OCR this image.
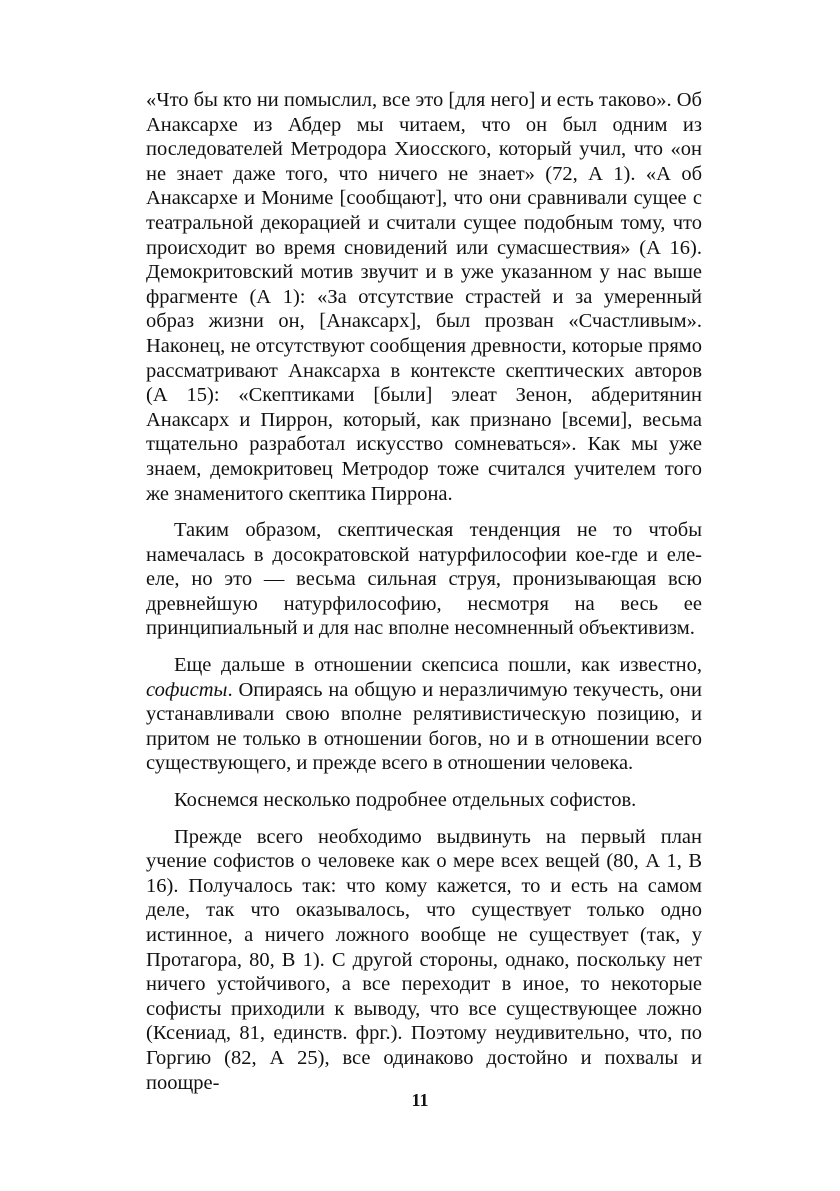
«Что бы кто ни помыслил, все это [для него] и есть таково». Об Анаксархе из Абдер мы читаем, что он был одним из последователей Метродора Хиосского, который учил, что «он не знает даже того, что ничего не знает» (72, А 1). «А об Анаксархе и Мониме [сообщают], что они сравнивали сущее с театральной декорацией и считали сущее подобным тому, что происходит во время сновидений или сумасшествия» (А 16). Демокритовский мотив звучит и в уже указанном у нас выше фрагменте (А 1): «За отсутствие страстей и за умеренный образ жизни он, [Анаксарх], был прозван «Счастливым». Наконец, не отсутствуют сообщения древности, которые прямо рассматривают Анаксарха в контексте скептических авторов (А 15): «Скептиками [были] элеат Зенон, абдеритянин Анаксарх и Пиррон, который, как признано [всеми], весьма тщательно разработал искусство сомневаться». Как мы уже знаем, демокритовец Метродор тоже считался учителем того же знаменитого скептика Пиррона.

Таким образом, скептическая тенденция не то чтобы намечалась в досократовской натурфилософии кое-где и еле-еле, но это — весьма сильная струя, пронизывающая всю древнейшую натурфилософию, несмотря на весь ее принципиальный и для нас вполне несомненный объективизм.

Еще дальше в отношении скепсиса пошли, как известно, софисты. Опираясь на общую и неразличимую текучесть, они устанавливали свою вполне релятивистическую позицию, и притом не только в отношении богов, но и в отношении всего существующего, и прежде всего в отношении человека.

Коснемся несколько подробнее отдельных софистов.

Прежде всего необходимо выдвинуть на первый план учение софистов о человеке как о мере всех вещей (80, А 1, В 16). Получалось так: что кому кажется, то и есть на самом деле, так что оказывалось, что существует только одно истинное, а ничего ложного вообще не существует (так, у Протагора, 80, В 1). С другой стороны, однако, поскольку нет ничего устойчивого, а все переходит в иное, то некоторые софисты приходили к выводу, что все существующее ложно (Ксениад, 81, единств. фрг.). Поэтому неудивительно, что, по Горгию (82, А 25), все одинаково достойно и похвалы и поощре-

11
